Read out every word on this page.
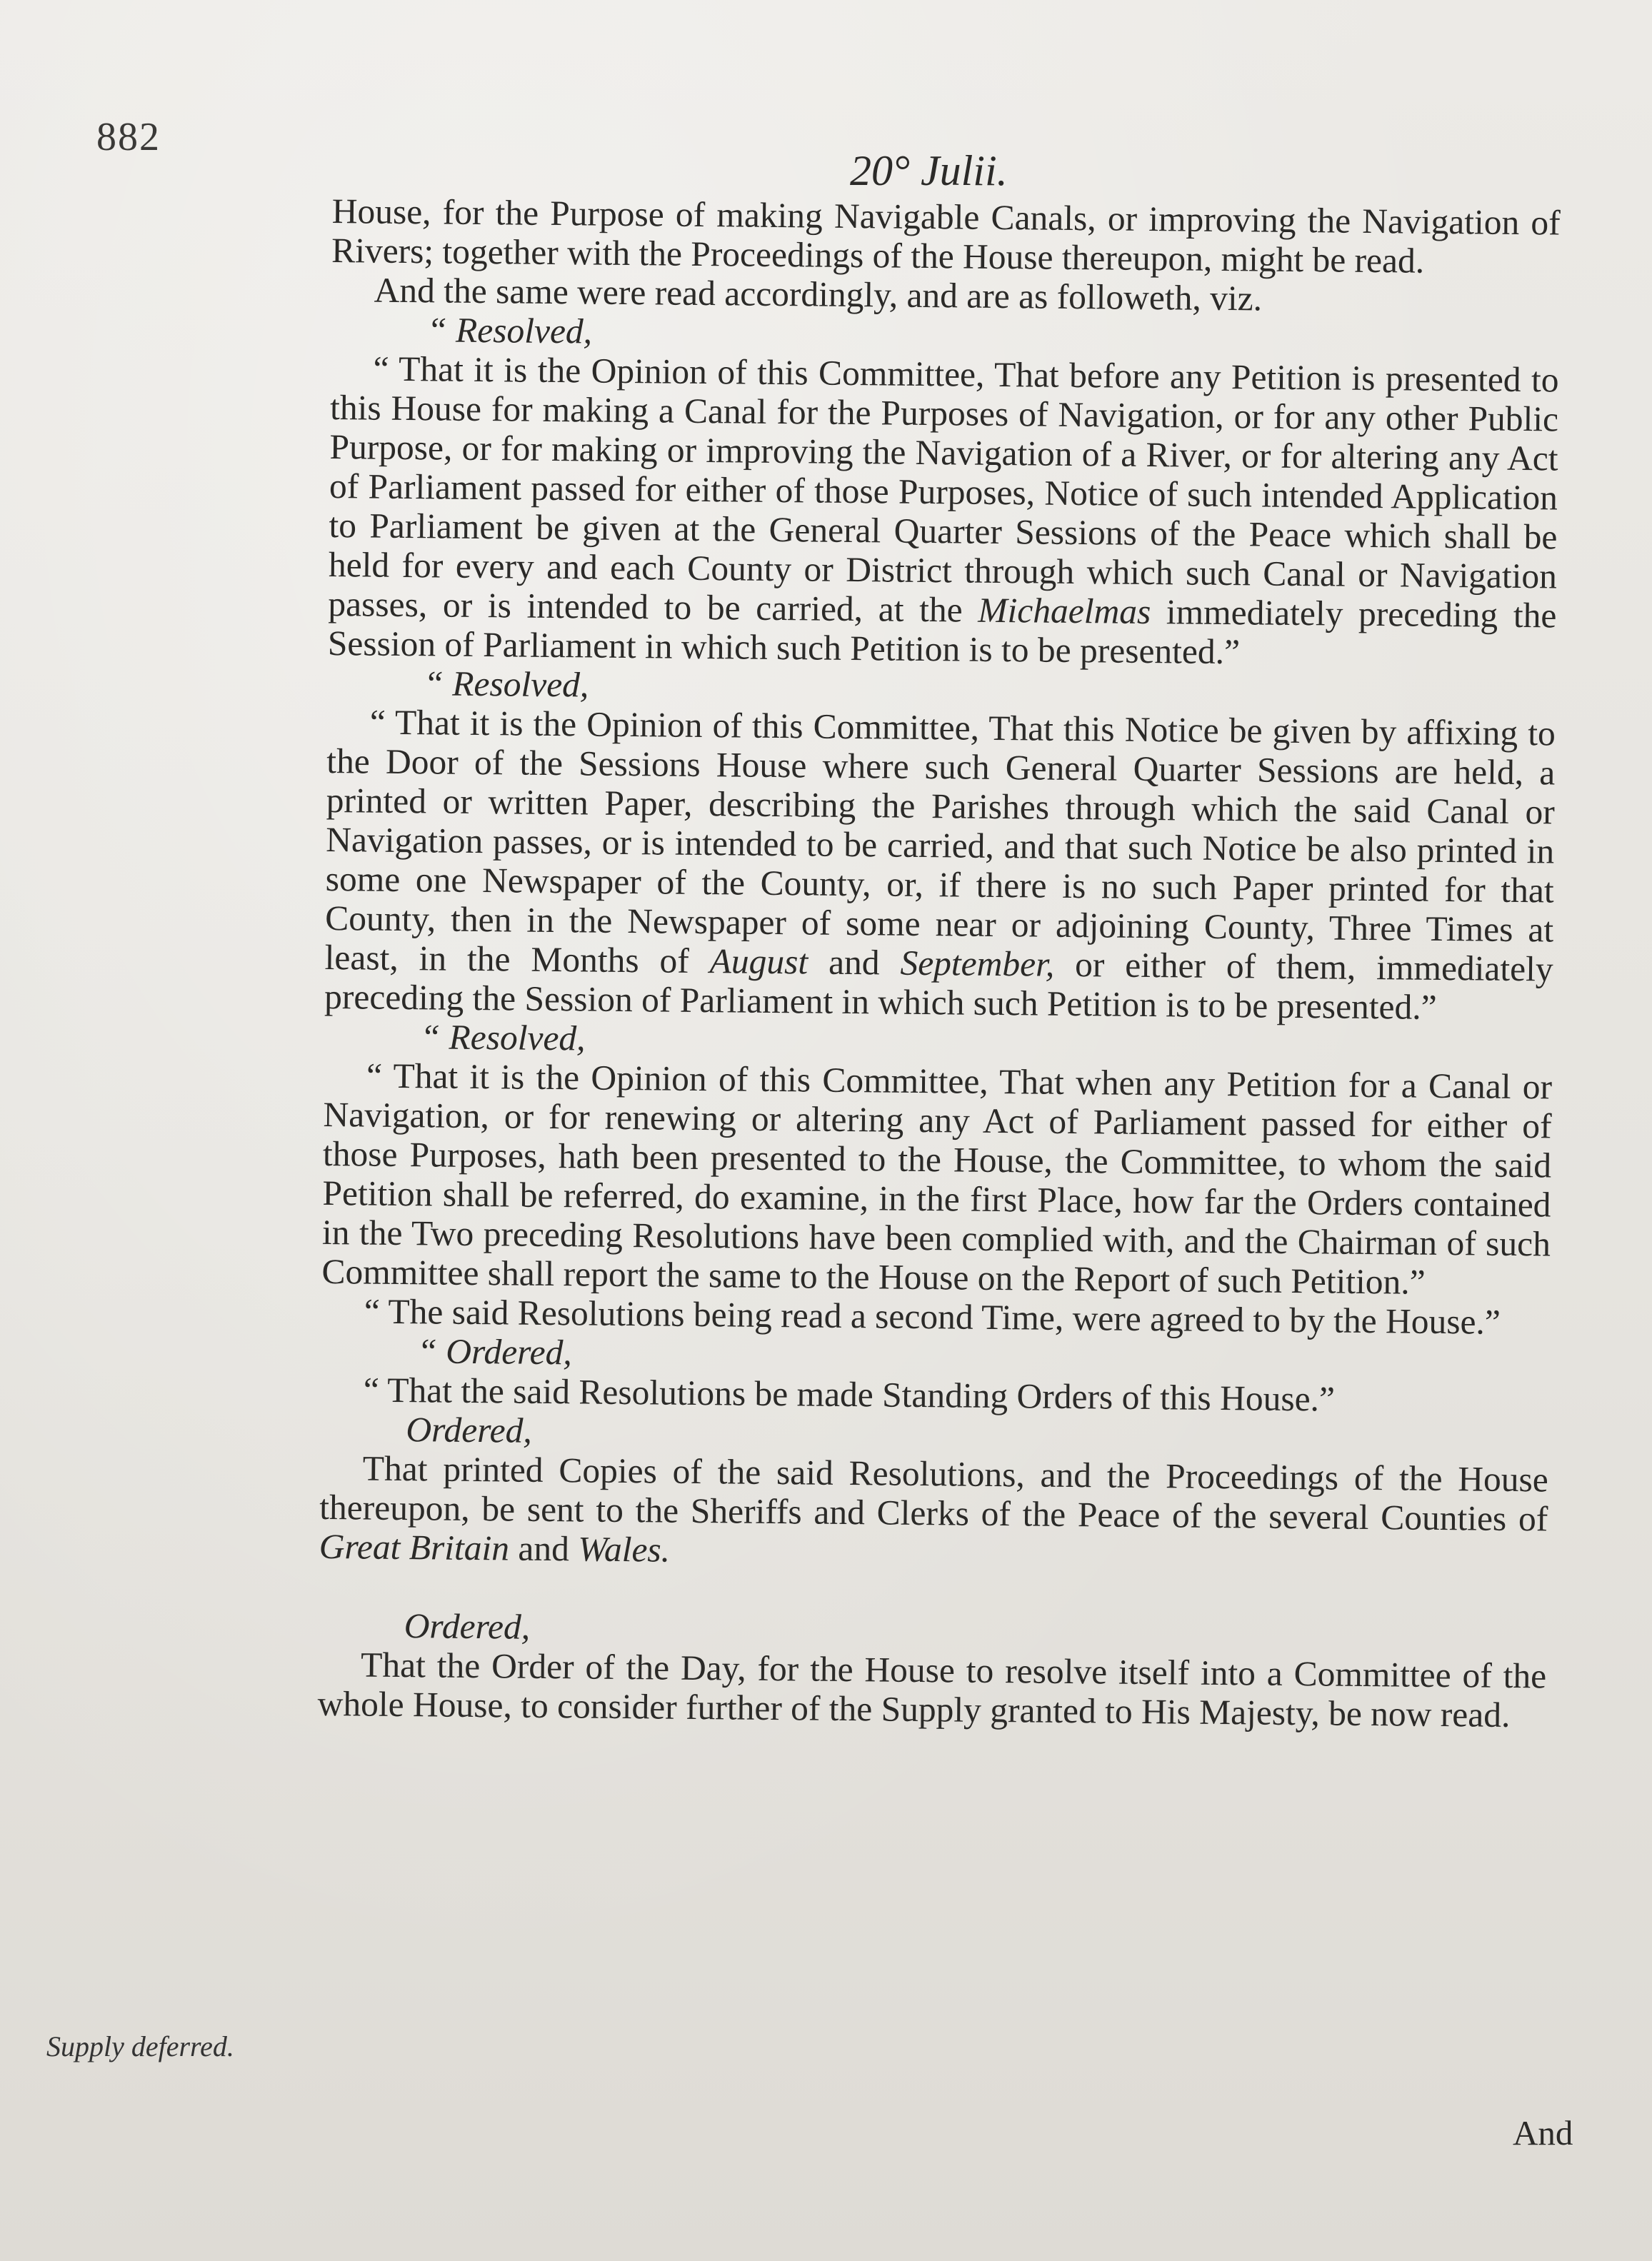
882
20° Julii.
Supply deferred.

House, for the Purpose of making Navigable Canals, or improving the Navigation of Rivers; together with the Proceedings of the House thereupon, might be read.

And the same were read accordingly, and are as followeth, viz.

“ Resolved,

“ That it is the Opinion of this Committee, That before any Petition is presented to this House for making a Canal for the Purposes of Navigation, or for any other Public Purpose, or for making or improving the Navigation of a River, or for altering any Act of Parliament passed for either of those Purposes, Notice of such intended Application to Parliament be given at the General Quarter Sessions of the Peace which shall be held for every and each County or District through which such Canal or Navigation passes, or is intended to be carried, at the Michaelmas immediately preceding the Session of Parliament in which such Petition is to be presented.”

“ Resolved,

“ That it is the Opinion of this Committee, That this Notice be given by affixing to the Door of the Sessions House where such General Quarter Sessions are held, a printed or written Paper, describing the Parishes through which the said Canal or Navigation passes, or is intended to be carried, and that such Notice be also printed in some one Newspaper of the County, or, if there is no such Paper printed for that County, then in the Newspaper of some near or adjoining County, Three Times at least, in the Months of August and September, or either of them, immediately preceding the Session of Parliament in which such Petition is to be presented.”

“ Resolved,

“ That it is the Opinion of this Committee, That when any Petition for a Canal or Navigation, or for renewing or altering any Act of Parliament passed for either of those Purposes, hath been presented to the House, the Committee, to whom the said Petition shall be referred, do examine, in the first Place, how far the Orders contained in the Two preceding Resolutions have been complied with, and the Chairman of such Committee shall report the same to the House on the Report of such Petition.”

“ The said Resolutions being read a second Time, were agreed to by the House.”

“ Ordered,

“ That the said Resolutions be made Standing Orders of this House.”

Ordered,

That printed Copies of the said Resolutions, and the Proceedings of the House thereupon, be sent to the Sheriffs and Clerks of the Peace of the several Counties of Great Britain and Wales.

Ordered,

That the Order of the Day, for the House to resolve itself into a Committee of the whole House, to consider further of the Supply granted to His Majesty, be now read.

And
